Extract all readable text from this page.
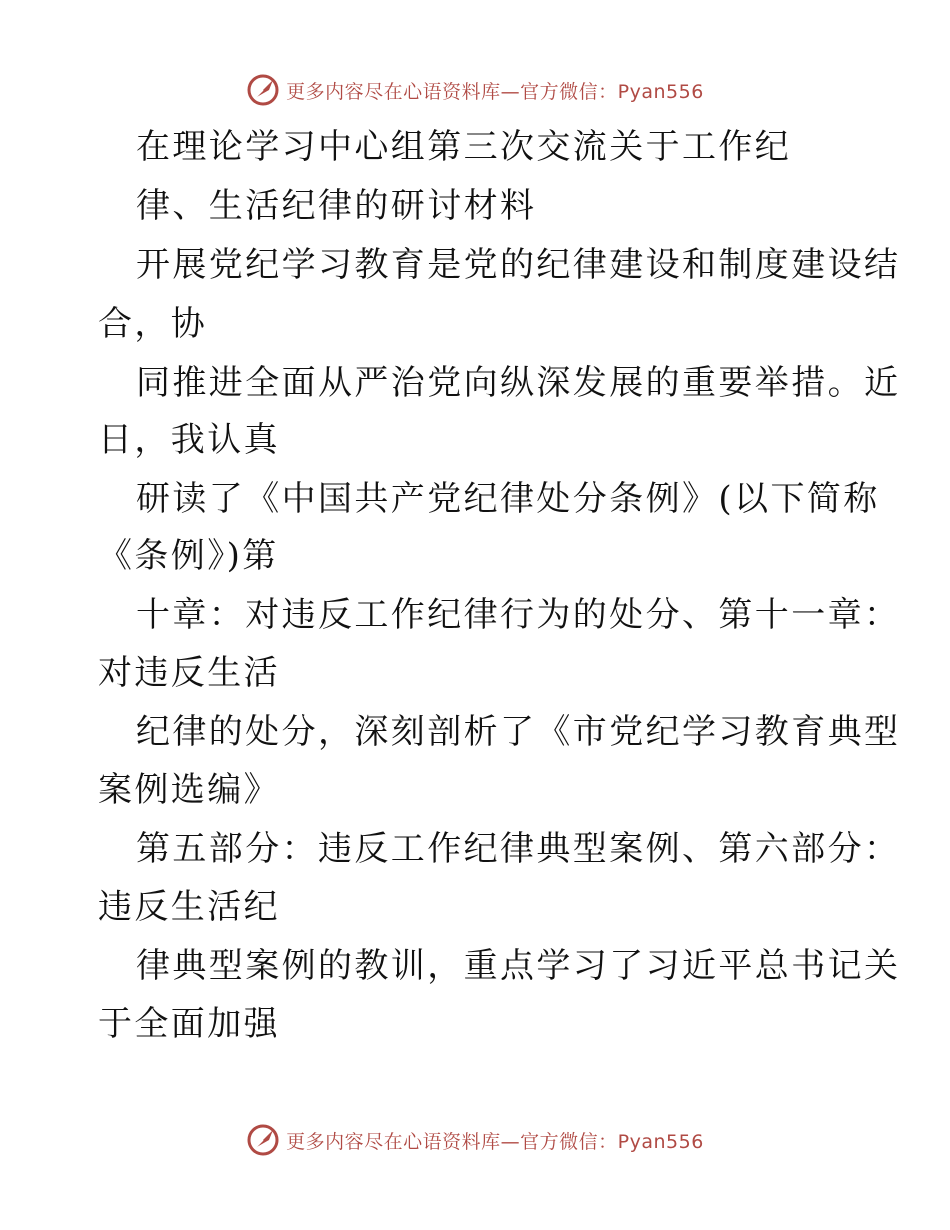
更多内容尽在心语资料库—官方微信：Pyan556
在理论学习中心组第三次交流关于工作纪
律、生活纪律的研讨材料
开展党纪学习教育是党的纪律建设和制度建设结
合，协
同推进全面从严治党向纵深发展的重要举措。近
日，我认真
研读了《中国共产党纪律处分条例》(以下简称
《条例》)第
十章：对违反工作纪律行为的处分、第十一章：
对违反生活
纪律的处分，深刻剖析了《市党纪学习教育典型
案例选编》
第五部分：违反工作纪律典型案例、第六部分：
违反生活纪
律典型案例的教训，重点学习了习近平总书记关
于全面加强
更多内容尽在心语资料库—官方微信：Pyan556
